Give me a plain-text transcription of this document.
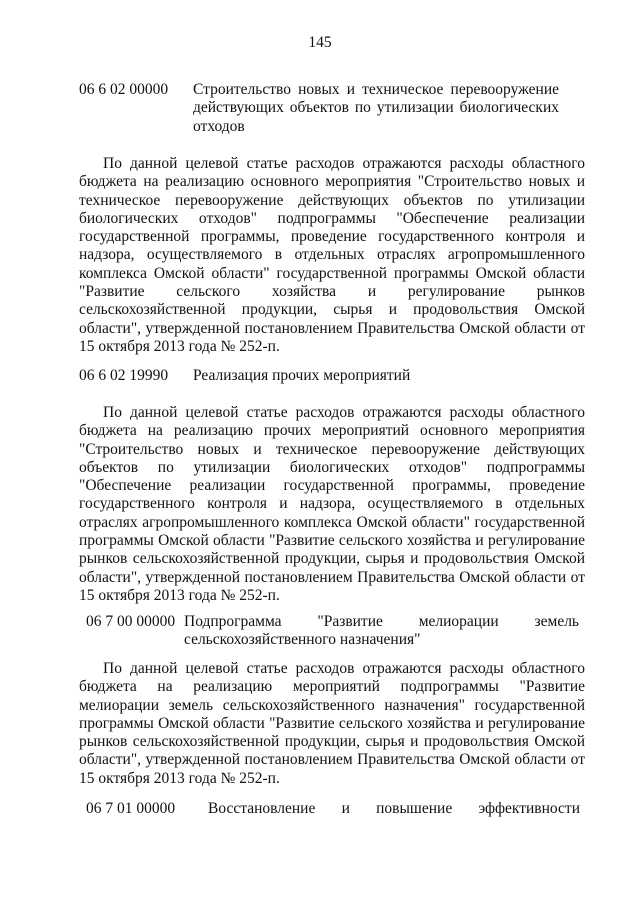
145
06 6 02 00000 Строительство новых и техническое перевооружение действующих объектов по утилизации биологических отходов
По данной целевой статье расходов отражаются расходы областного бюджета на реализацию основного мероприятия "Строительство новых и техническое перевооружение действующих объектов по утилизации биологических отходов" подпрограммы "Обеспечение реализации государственной программы, проведение государственного контроля и надзора, осуществляемого в отдельных отраслях агропромышленного комплекса Омской области" государственной программы Омской области "Развитие сельского хозяйства и регулирование рынков сельскохозяйственной продукции, сырья и продовольствия Омской области", утвержденной постановлением Правительства Омской области от 15 октября 2013 года № 252-п.
06 6 02 19990 Реализация прочих мероприятий
По данной целевой статье расходов отражаются расходы областного бюджета на реализацию прочих мероприятий основного мероприятия "Строительство новых и техническое перевооружение действующих объектов по утилизации биологических отходов" подпрограммы "Обеспечение реализации государственной программы, проведение государственного контроля и надзора, осуществляемого в отдельных отраслях агропромышленного комплекса Омской области" государственной программы Омской области "Развитие сельского хозяйства и регулирование рынков сельскохозяйственной продукции, сырья и продовольствия Омской области", утвержденной постановлением Правительства Омской области от 15 октября 2013 года № 252-п.
06 7 00 00000 Подпрограмма "Развитие мелиорации земель сельскохозяйственного назначения"
По данной целевой статье расходов отражаются расходы областного бюджета на реализацию мероприятий подпрограммы "Развитие мелиорации земель сельскохозяйственного назначения" государственной программы Омской области "Развитие сельского хозяйства и регулирование рынков сельскохозяйственной продукции, сырья и продовольствия Омской области", утвержденной постановлением Правительства Омской области от 15 октября 2013 года № 252-п.
06 7 01 00000 Восстановление и повышение эффективности
